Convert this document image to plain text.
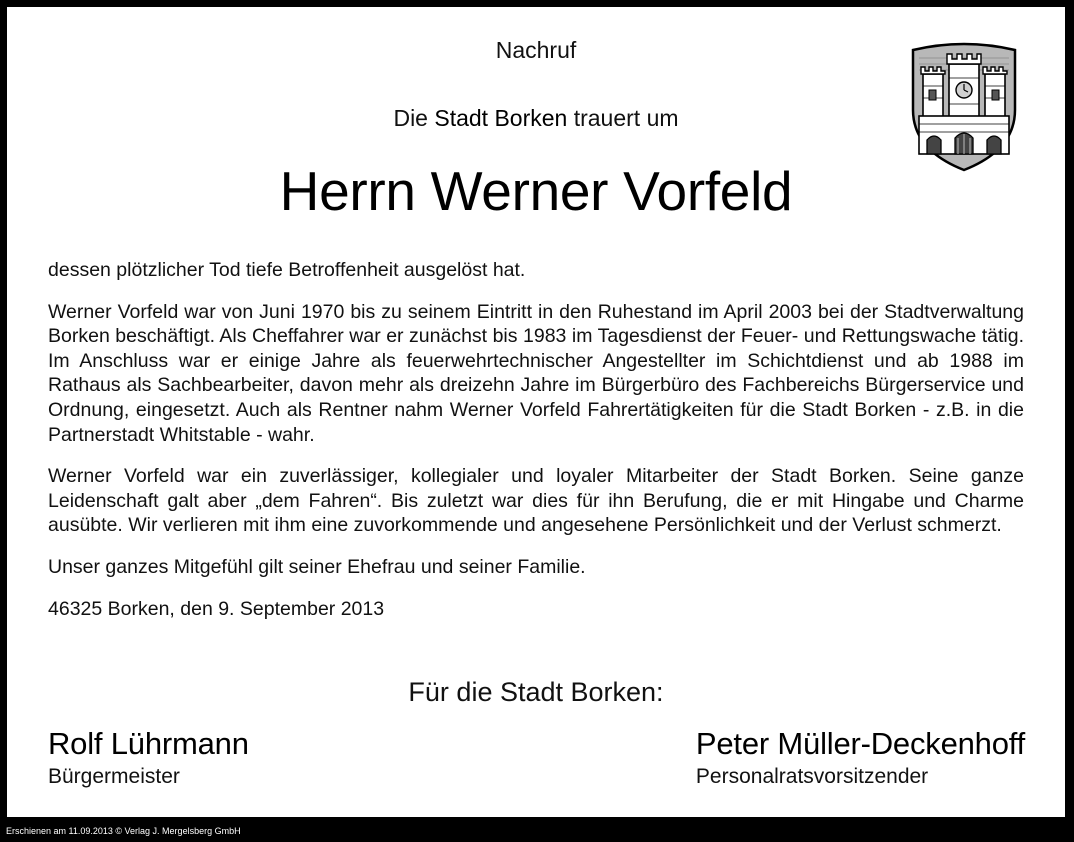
Nachruf
Die Stadt Borken trauert um
Herrn Werner Vorfeld

dessen plötzlicher Tod tiefe Betroffenheit ausgelöst hat.

Werner Vorfeld war von Juni 1970 bis zu seinem Eintritt in den Ruhestand im April 2003 bei der Stadtverwaltung Borken beschäftigt. Als Cheffahrer war er zunächst bis 1983 im Tagesdienst der Feuer- und Rettungswache tätig. Im Anschluss war er einige Jahre als feuerwehrtechnischer Angestellter im Schichtdienst und ab 1988 im Rathaus als Sachbearbeiter, davon mehr als dreizehn Jahre im Bürgerbüro des Fachbereichs Bürgerservice und Ordnung, eingesetzt. Auch als Rentner nahm Werner Vorfeld Fahrertätigkeiten für die Stadt Borken - z.B. in die Partnerstadt Whitstable - wahr.

Werner Vorfeld war ein zuverlässiger, kollegialer und loyaler Mitarbeiter der Stadt Borken. Seine ganze Leidenschaft galt aber „dem Fahren“. Bis zuletzt war dies für ihn Berufung, die er mit Hingabe und Charme ausübte. Wir verlieren mit ihm eine zuvorkommende und angesehene Persönlichkeit und der Verlust schmerzt.

Unser ganzes Mitgefühl gilt seiner Ehefrau und seiner Familie.

46325 Borken, den 9. September 2013

Für die Stadt Borken:
Rolf Lührmann
Bürgermeister
Peter Müller-Deckenhoff
Personalratsvorsitzender
Erschienen am 11.09.2013 © Verlag J. Mergelsberg GmbH
